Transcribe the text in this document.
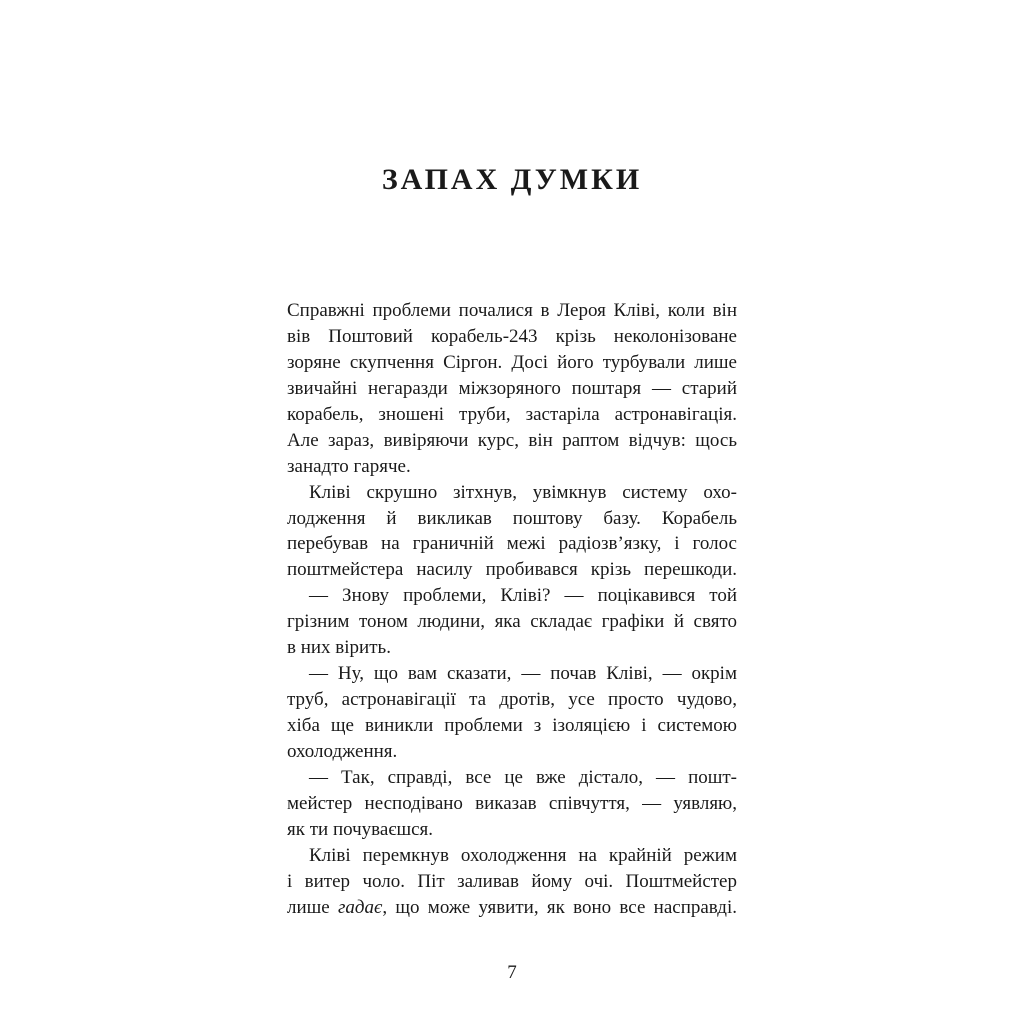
ЗАПАХ ДУМКИ
Справжні проблеми почалися в Лероя Кліві, коли він
вів Поштовий корабель-243 крізь неколонізоване
зоряне скупчення Сіргон. Досі його турбували лише
звичайні негаразди міжзоряного поштаря — старий
корабель, зношені труби, застаріла астронавігація.
Але зараз, вивіряючи курс, він раптом відчув: щось
занадто гаряче.
Кліві скрушно зітхнув, увімкнув систему охо-
лодження й викликав поштову базу. Корабель
перебував на граничній межі радіозв’язку, і голос
поштмейстера насилу пробивався крізь перешкоди.
— Знову проблеми, Кліві? — поцікавився той
грізним тоном людини, яка складає графіки й свято
в них вірить.
— Ну, що вам сказати, — почав Кліві, — окрім
труб, астронавігації та дротів, усе просто чудово,
хіба ще виникли проблеми з ізоляцією і системою
охолодження.
— Так, справді, все це вже дістало, — пошт-
мейстер несподівано виказав співчуття, — уявляю,
як ти почуваєшся.
Кліві перемкнув охолодження на крайній режим
і витер чоло. Піт заливав йому очі. Поштмейстер
лише гадає, що може уявити, як воно все насправді.
7
